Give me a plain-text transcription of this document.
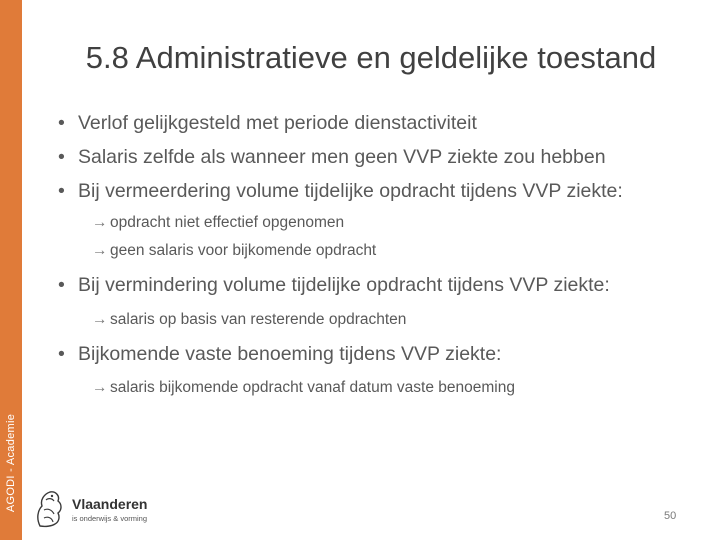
AGODI - Academie
5.8 Administratieve en geldelijke toestand
• Verlof gelijkgesteld met periode dienstactiviteit
• Salaris zelfde als wanneer men geen VVP ziekte zou hebben
• Bij vermeerdering volume tijdelijke opdracht tijdens VVP ziekte:
→ opdracht niet effectief opgenomen
→ geen salaris voor bijkomende opdracht
• Bij vermindering volume tijdelijke opdracht tijdens VVP ziekte:
→ salaris op basis van resterende opdrachten
• Bijkomende vaste benoeming tijdens VVP ziekte:
→ salaris bijkomende opdracht vanaf datum vaste benoeming
Vlaanderen
is onderwijs & vorming	50
